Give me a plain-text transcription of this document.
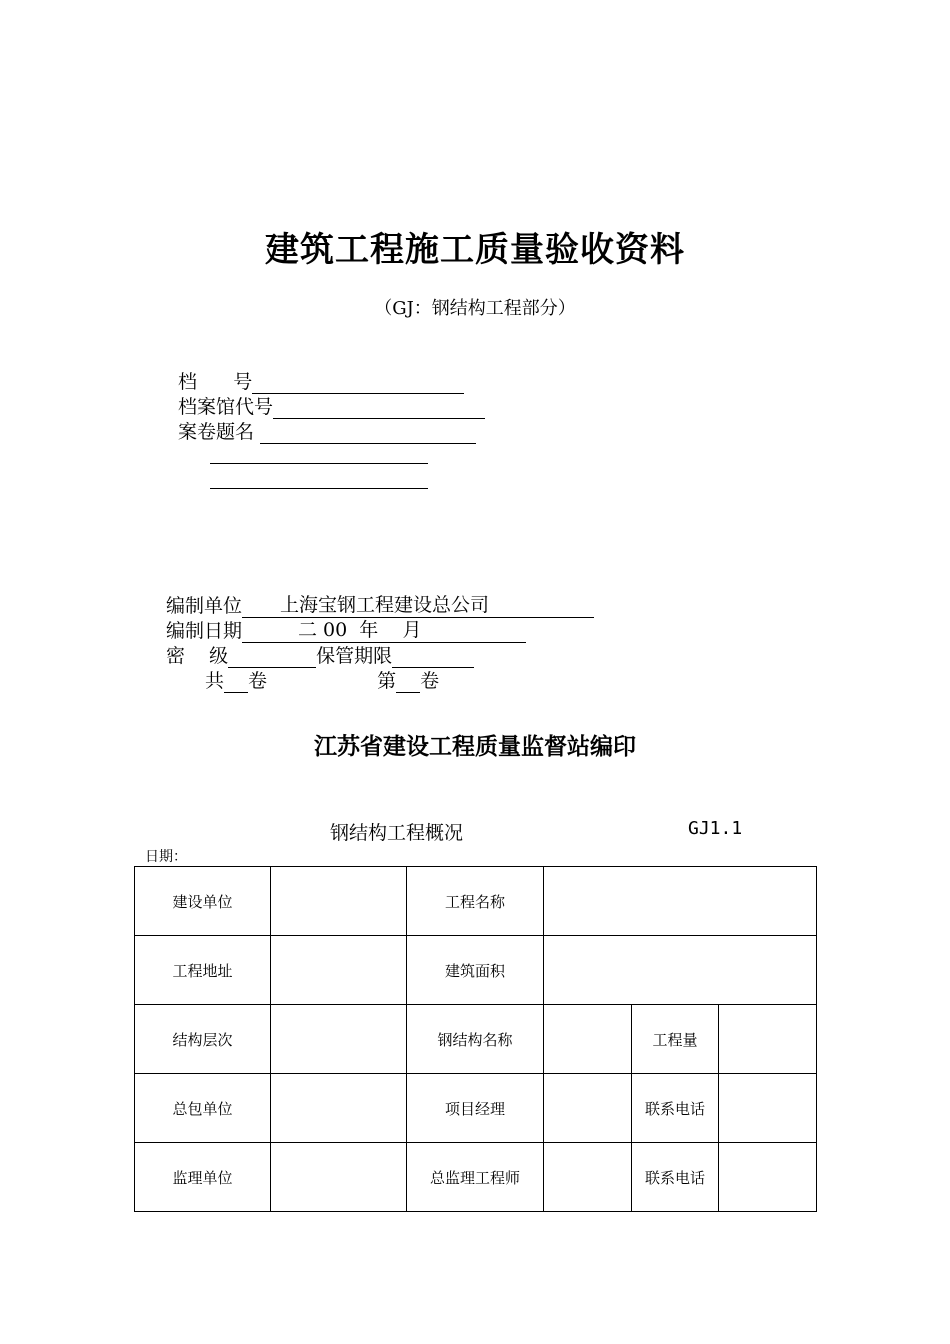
建筑工程施工质量验收资料
（GJ：钢结构工程部分）
档      号
档案馆代号
案卷题名
编制单位 上海宝钢工程建设总公司
编制日期	二 00  年    月
密    级	保管期限
共 卷	第 卷
江苏省建设工程质量监督站编印
钢结构工程概况	GJ1.1
日期：
建设单位		工程名称			
工程地址		建筑面积			
结构层次		钢结构名称		工程量	
总包单位		项目经理		联系电话	
监理单位		总监理工程师		联系电话	
